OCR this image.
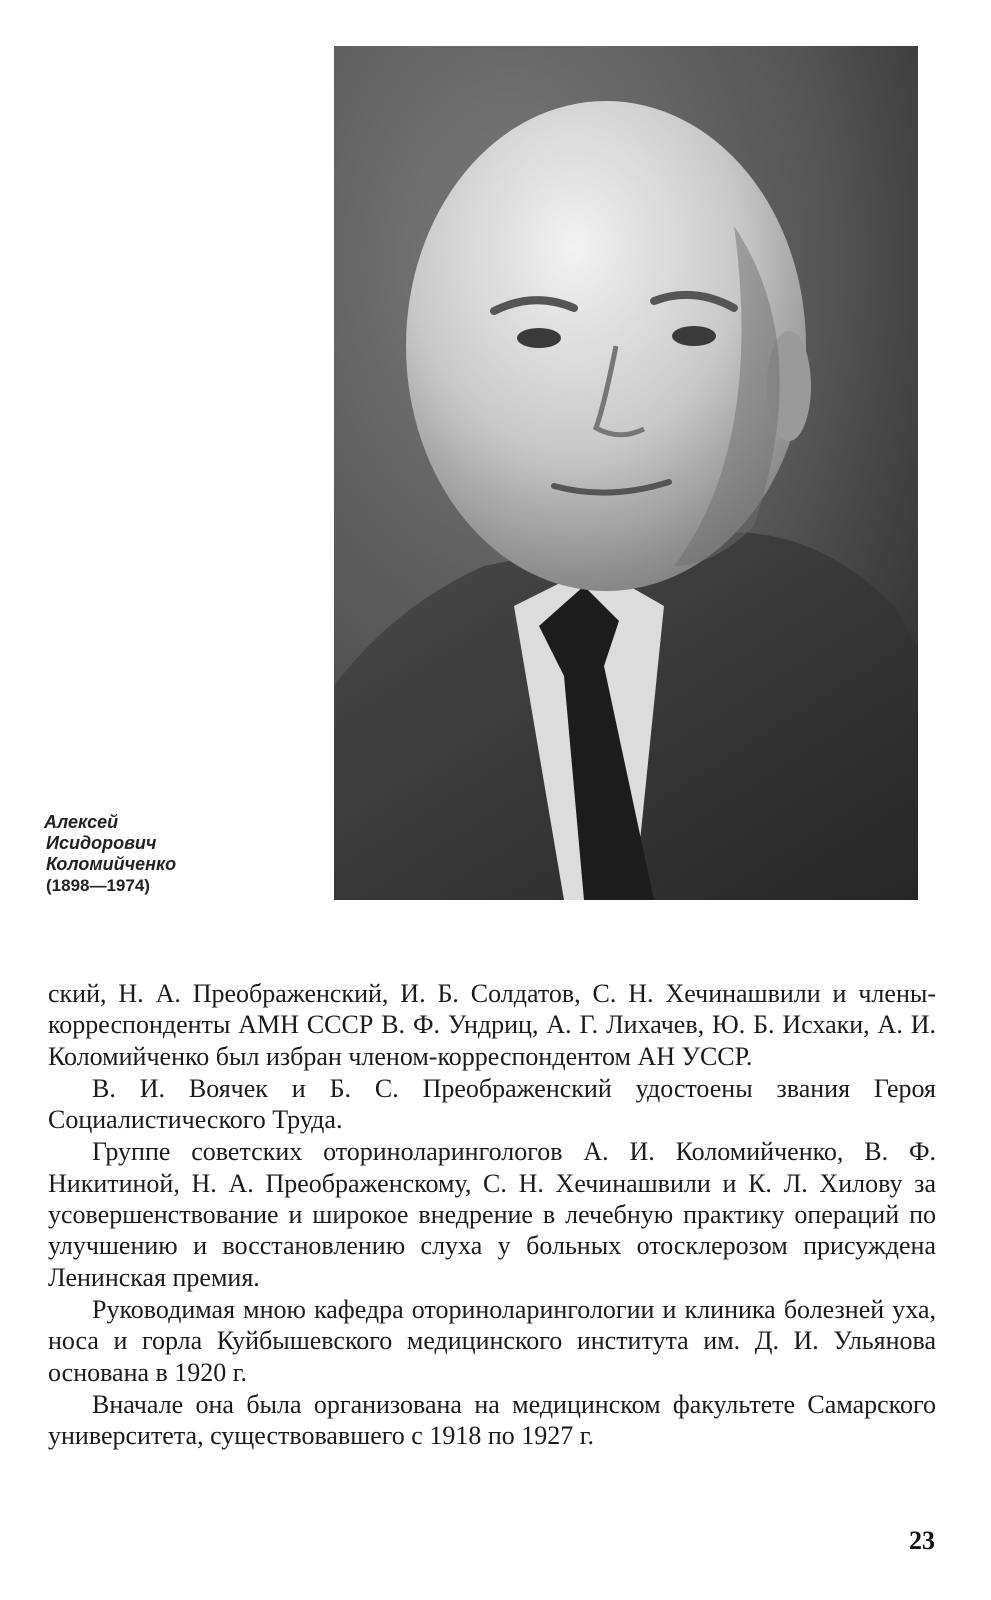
Алексей
Исидорович
Коломийченко
(1898—1974)

ский, Н. А. Преображенский, И. Б. Солдатов, С. Н. Хечинашвили и члены-корреспонденты АМН СССР В. Ф. Ундриц, А. Г. Лихачев, Ю. Б. Исхаки, А. И. Коломийченко был избран членом-корреспондентом АН УССР.

В. И. Воячек и Б. С. Преображенский удостоены звания Героя Социалистического Труда.

Группе советских оториноларингологов А. И. Коломийченко, В. Ф. Никитиной, Н. А. Преображенскому, С. Н. Хечинашвили и К. Л. Хилову за усовершенствование и широкое внедрение в лечебную практику операций по улучшению и восстановлению слуха у больных отосклерозом присуждена Ленинская премия.

Руководимая мною кафедра оториноларингологии и клиника болезней уха, носа и горла Куйбышевского медицинского института им. Д. И. Ульянова основана в 1920 г.

Вначале она была организована на медицинском факультете Самарского университета, существовавшего с 1918 по 1927 г.

23
